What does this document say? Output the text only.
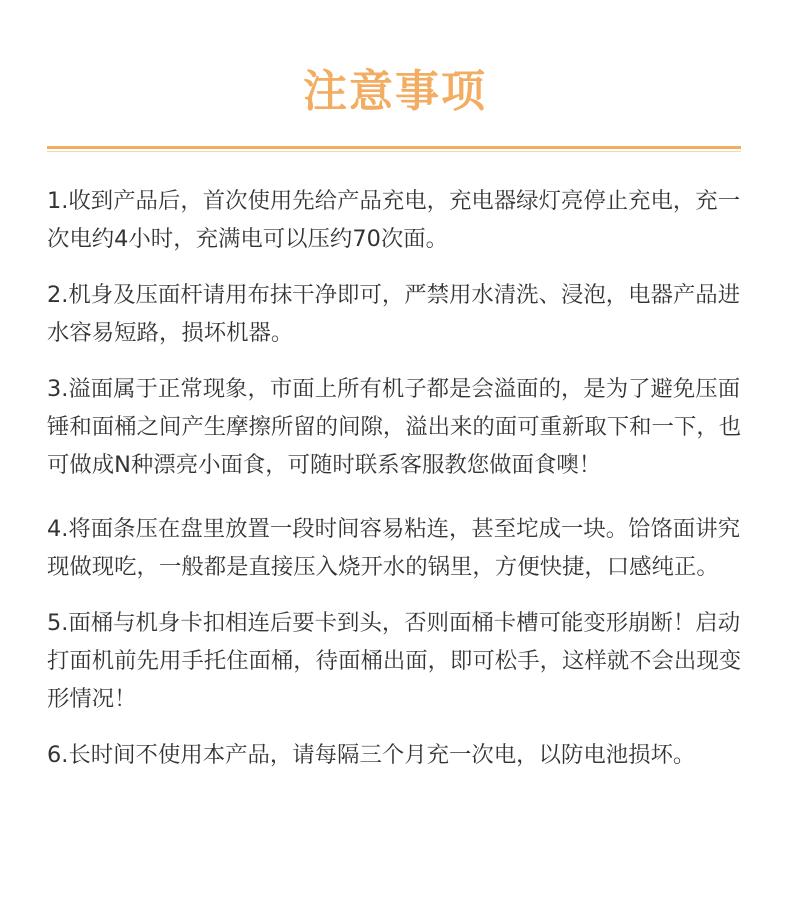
注意事项

1.收到产品后，首次使用先给产品充电，充电器绿灯亮停止充电，充一次电约4小时，充满电可以压约70次面。

2.机身及压面杆请用布抹干净即可，严禁用水清洗、浸泡，电器产品进水容易短路，损坏机器。

3.溢面属于正常现象，市面上所有机子都是会溢面的，是为了避免压面锤和面桶之间产生摩擦所留的间隙，溢出来的面可重新取下和一下，也可做成N种漂亮小面食，可随时联系客服教您做面食噢！

4.将面条压在盘里放置一段时间容易粘连，甚至坨成一块。饸饹面讲究现做现吃，一般都是直接压入烧开水的锅里，方便快捷，口感纯正。

5.面桶与机身卡扣相连后要卡到头，否则面桶卡槽可能变形崩断！启动打面机前先用手托住面桶，待面桶出面，即可松手，这样就不会出现变形情况！

6.长时间不使用本产品，请每隔三个月充一次电，以防电池损坏。
